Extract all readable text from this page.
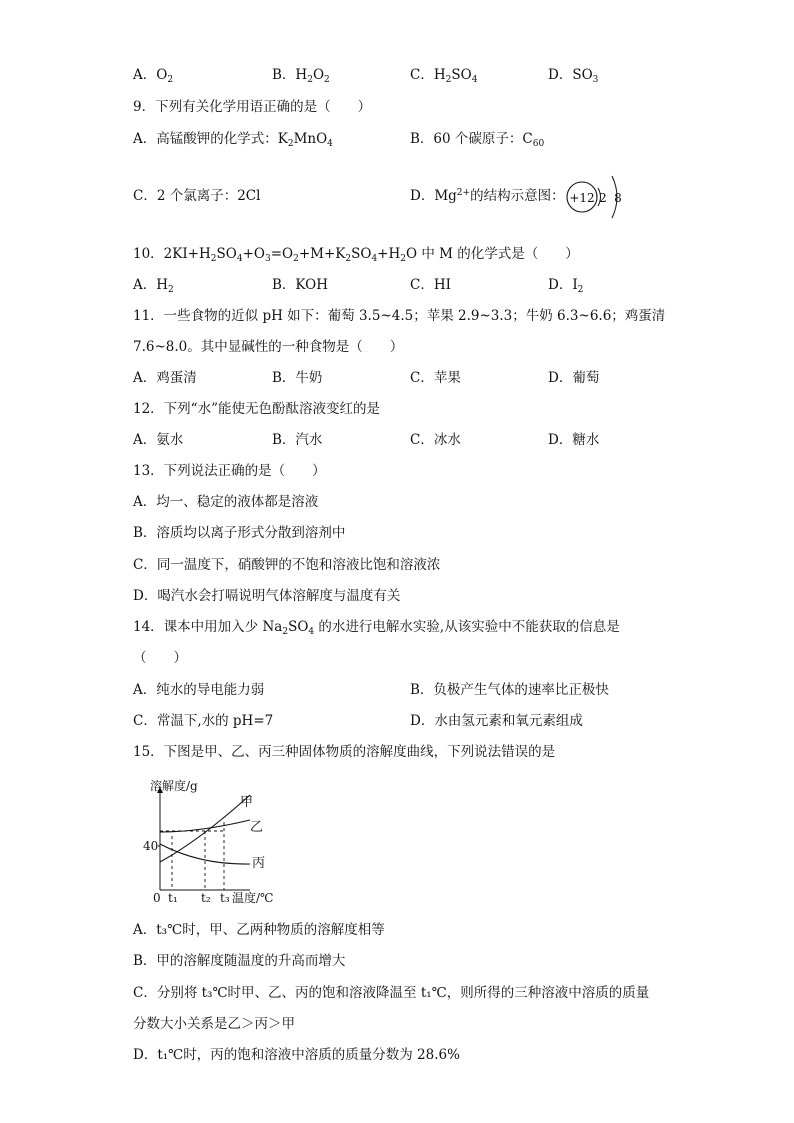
A．$O_2$	B．$H_2O_2$	C．$H_2SO_4$	D．$SO_3$
9．下列有关化学用语正确的是（　　）
A．高锰酸钾的化学式：$K_2MnO_4$	B．60 个碳原子：$C_{60}$
C．2 个氯离子：2Cl	D．$Mg^{2+}$的结构示意图： +12 2 8
10．$2KI+H_2SO_4+O_3=O_2+M+K_2SO_4+H_2O$ 中 M 的化学式是（　　）
A．$H_2$	B．KOH	C．HI	D．$I_2$
11．一些食物的近似 pH 如下：葡萄 3.5~4.5；苹果 2.9~3.3；牛奶 6.3~6.6；鸡蛋清
7.6~8.0。其中显碱性的一种食物是（　　）
A．鸡蛋清	B．牛奶	C．苹果	D．葡萄
12．下列“水”能使无色酚酞溶液变红的是
A．氨水	B．汽水	C．冰水	D．糖水
13．下列说法正确的是（　　）
A．均一、稳定的液体都是溶液
B．溶质均以离子形式分散到溶剂中
C．同一温度下，硝酸钾的不饱和溶液比饱和溶液浓
D．喝汽水会打嗝说明气体溶解度与温度有关
14．课本中用加入少 $Na_2SO_4$ 的水进行电解水实验,从该实验中不能获取的信息是
（　　）
A．纯水的导电能力弱	B．负极产生气体的速率比正极快
C．常温下,水的 pH=7	D．水由氢元素和氧元素组成
15．下图是甲、乙、丙三种固体物质的溶解度曲线，下列说法错误的是
溶解度/g
温度/℃
0
40
t₁ t₂ t₃
甲
乙
丙
A．t₃℃时，甲、乙两种物质的溶解度相等
B．甲的溶解度随温度的升高而增大
C．分别将 t₃℃时甲、乙、丙的饱和溶液降温至 t₁℃，则所得的三种溶液中溶质的质量
分数大小关系是乙＞丙＞甲
D．t₁℃时，丙的饱和溶液中溶质的质量分数为 28.6%
